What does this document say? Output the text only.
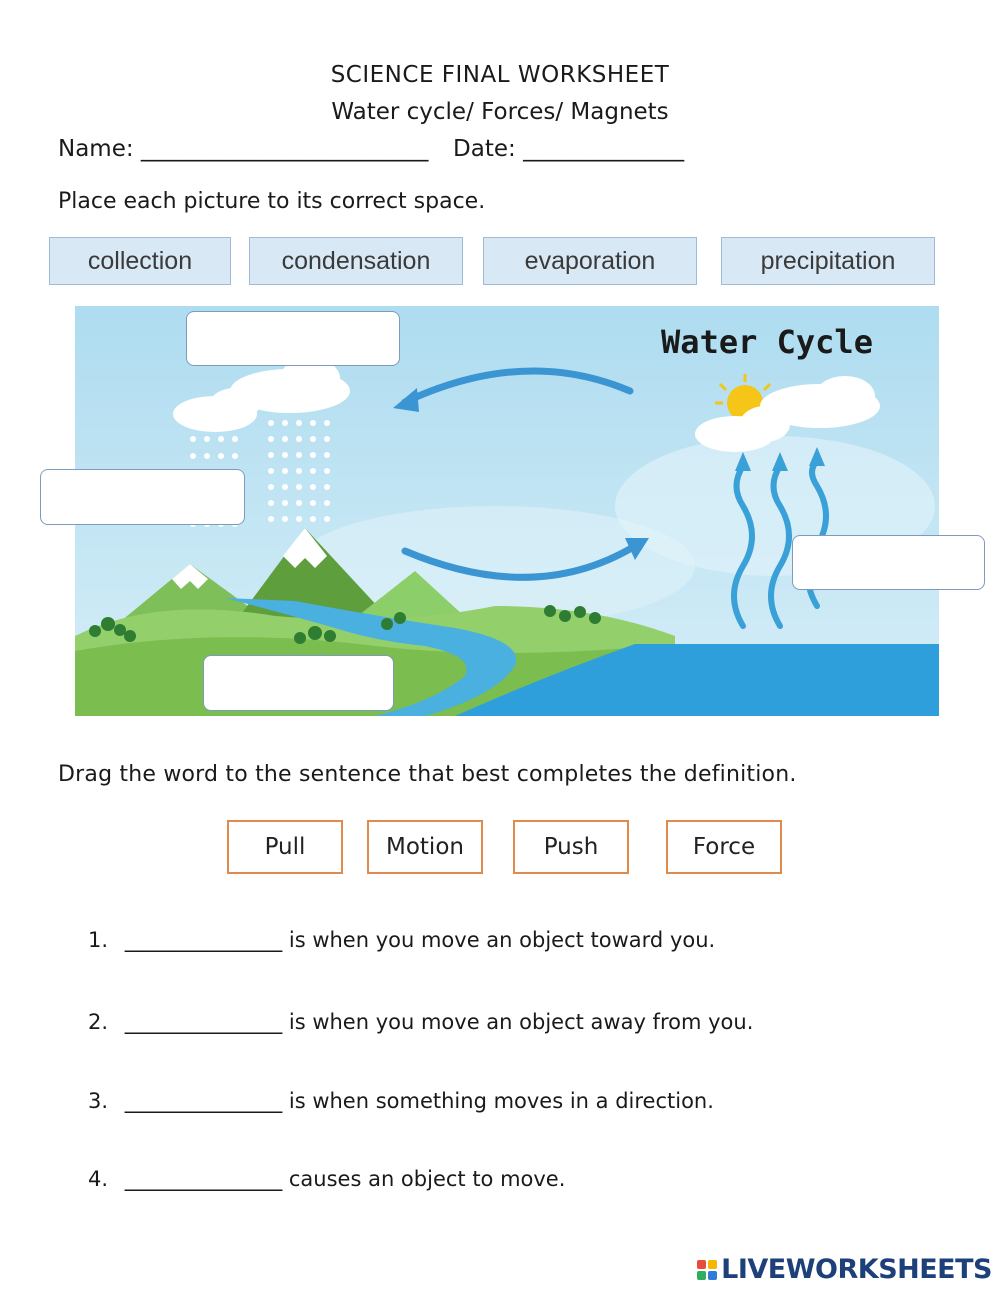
SCIENCE FINAL WORKSHEET
Water cycle/ Forces/ Magnets
Name: _________________________ Date: ______________
Place each picture to its correct space.
collection	condensation	evaporation	precipitation
Water Cycle
Drag the word to the sentence that best completes the definition.
Pull	Motion	Push	Force
1. _______________ is when you move an object toward you.
2. _______________ is when you move an object away from you.
3. _______________ is when something moves in a direction.
4. _______________ causes an object to move.
LIVEWORKSHEETS
